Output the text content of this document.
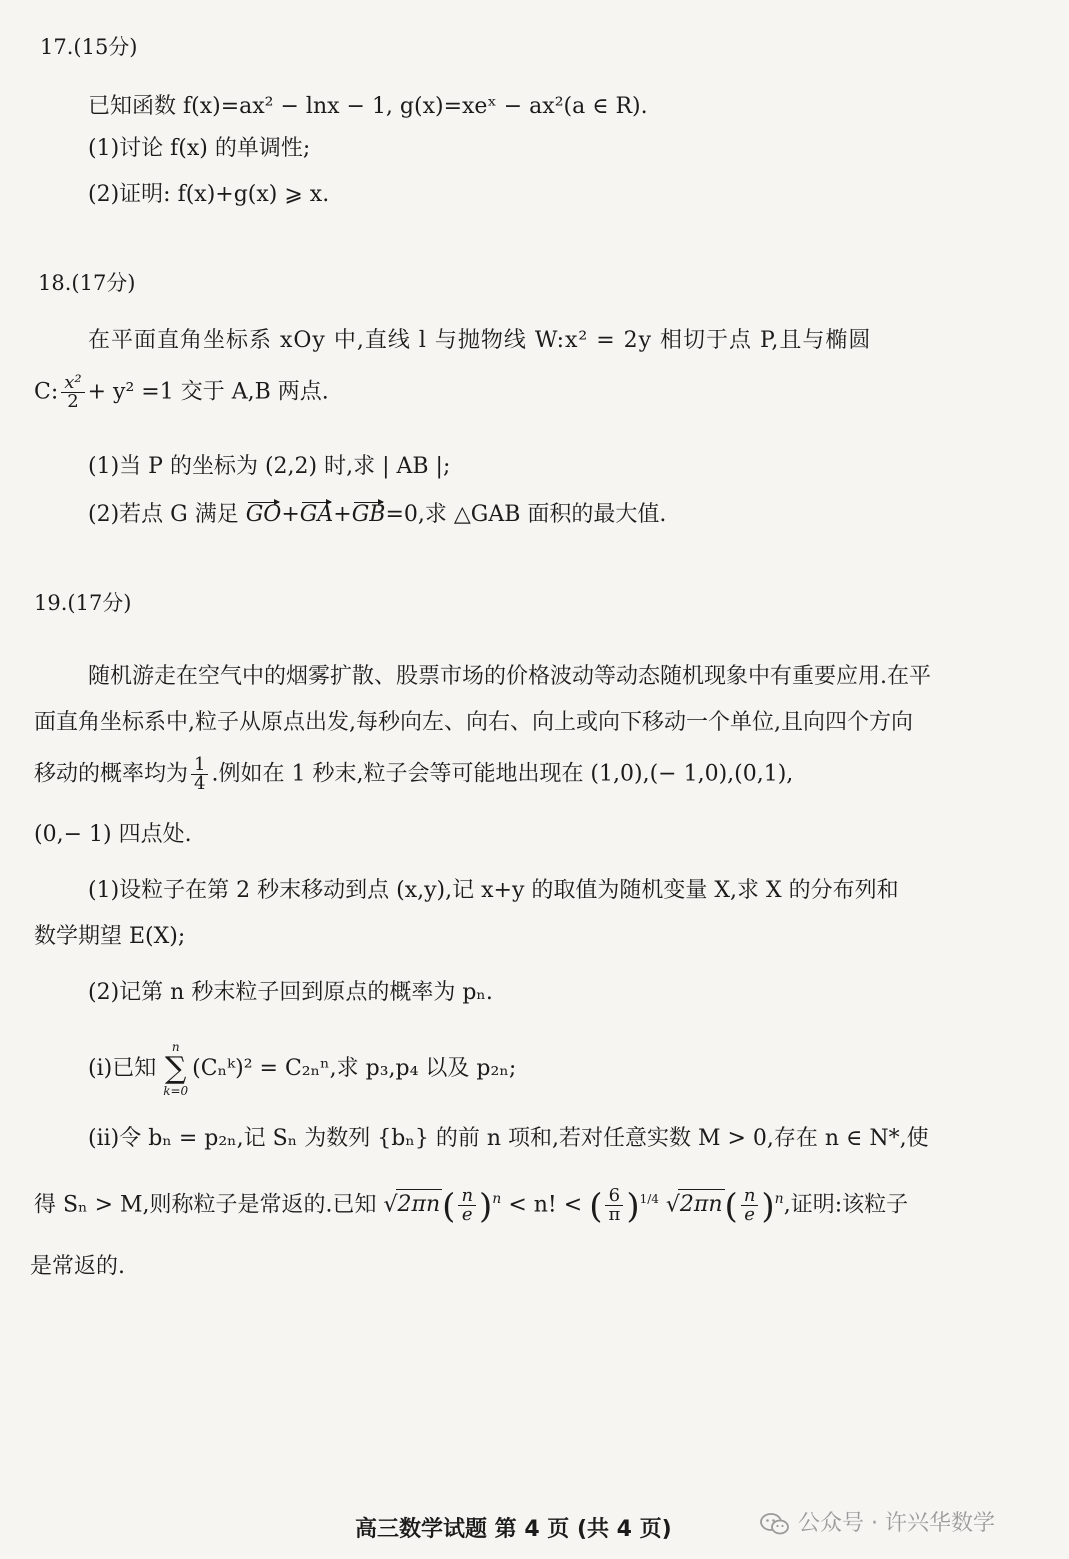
17.(15分)
已知函数 f(x)=ax² − lnx − 1, g(x)=xeˣ − ax²(a ∈ R).
(1)讨论 f(x) 的单调性;
(2)证明: f(x)+g(x) ⩾ x.
18.(17分)
在平面直角坐标系 xOy 中,直线 l 与抛物线 W:x² = 2y 相切于点 P,且与椭圆
C: $\frac{\text{x²}}{2} + y^2 =1$ 交于 A,B 两点.
(1)当 P 的坐标为 (2,2) 时,求 | AB |;
(2)若点 G 满足 GO+GA+GB=0,求 △GAB 面积的最大值.
19.(17分)
随机游走在空气中的烟雾扩散、股票市场的价格波动等动态随机现象中有重要应用.在平
面直角坐标系中,粒子从原点出发,每秒向左、向右、向上或向下移动一个单位,且向四个方向
移动的概率均为 $\frac{1}{4}$ .例如在 1 秒末,粒子会等可能地出现在 (1,0),(− 1,0),(0,1),
(0,− 1) 四点处.
(1)设粒子在第 2 秒末移动到点 (x,y),记 x+y 的取值为随机变量 X,求 X 的分布列和
数学期望 E(X);
(2)记第 n 秒末粒子回到原点的概率为 pₙ.
(i)已知
n
∑
k=0
(Cₙᵏ)² = C₂ₙⁿ,求 p₃,p₄ 以及 p₂ₙ;
(ii)令 bₙ = p₂ₙ,记 Sₙ 为数列 {bₙ} 的前 n 项和,若对任意实数 M > 0,存在 n ∈ N*,使
得 Sₙ > M,则称粒子是常返的.已知 $√2\pi n( \frac{n}{e} )^n < n$! < ( $\frac{6}{\pi} )^{1/4}$ $√2\pi n( \frac{n}{e} )^n$,证明:该粒子
是常返的.
高三数学试题 第 4 页 (共 4 页)	公众号 · 许兴华数学
